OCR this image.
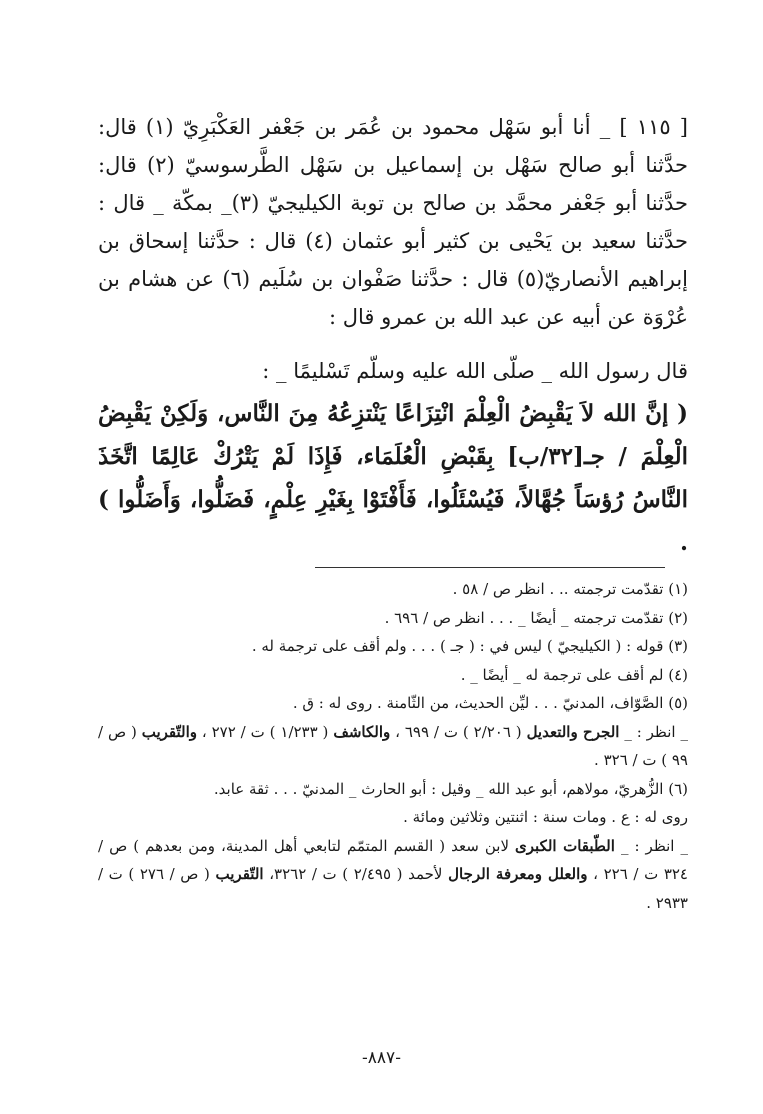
[ ١١٥ ] _ أنا أبو سَهْل محمود بن عُمَر بن جَعْفر العَكْبَرِيّ (١) قال: حدَّثنا أبو صالح سَهْل بن إسماعيل بن سَهْل الطَّرسوسيّ (٢) قال: حدَّثنا أبو جَعْفر محمَّد بن صالح بن توبة الكيليجيّ (٣)_ بمكّة _ قال : حدَّثنا سعيد بن يَحْيى بن كثير أبو عثمان (٤) قال : حدَّثنا إسحاق بن إبراهيم الأنصاريّ(٥) قال : حدَّثنا صَفْوان بن سُلَيم (٦) عن هشام بن عُرْوَة عن أبيه عن عبد الله بن عمرو قال :

قال رسول الله _ صلّى الله عليه وسلّم تَسْليمًا _ :

( إنَّ الله لاَ يَقْبِضُ الْعِلْمَ انْتِزَاعًا يَنْتزِعُهُ مِنَ النَّاس، وَلَكِنْ يَقْبِضُ الْعِلْمَ / جـ[٣٢/ب] بِقَبْضِ الْعُلَمَاء، فَإِذَا لَمْ يَتْرُكْ عَالِمًا اتَّخَذَ النَّاسُ رُؤسَاً جُهَّالاً، فَيُسْئَلُوا، فَأَفْتَوْا بِغَيْرِ عِلْمٍ، فَضَلُّوا، وَأَضَلُّوا ) .

(١) تقدّمت ترجمته .. . انظر ص / ٥٨ .

(٢) تقدّمت ترجمته _ أيضًا _ . . . انظر ص / ٦٩٦ .

(٣) قوله : ( الكيليجيّ ) ليس في : ( جـ ) . . . ولم أقف على ترجمة له .

(٤) لم أقف على ترجمة له _ أيضًا _ .

(٥) الصَّوّاف، المدنيّ . . . ليِّن الحديث، من الثّامنة . روى له : ق .

_ انظر : _ الجرح والتعديل ( ٢/٢٠٦ ) ت / ٦٩٩ ، والكاشف ( ١/٢٣٣ ) ت / ٢٧٢ ، والتّقريب ( ص / ٩٩ ) ت / ٣٢٦ .

(٦) الزُّهريّ، مولاهم، أبو عبد الله _ وقيل : أبو الحارث _ المدنيّ . . . ثقة عابد.

روى له : ع . ومات سنة : اثنتين وثلاثين ومائة .

_ انظر : _ الطّبقات الكبرى لابن سعد ( القسم المتمّم لتابعي أهل المدينة، ومن بعدهم ) ص / ٣٢٤ ت / ٢٢٦ ، والعلل ومعرفة الرجال لأحمد ( ٢/٤٩٥ ) ت / ٣٢٦٢، التّقريب ( ص / ٢٧٦ ) ت / ٢٩٣٣ .

-٨٨٧-
